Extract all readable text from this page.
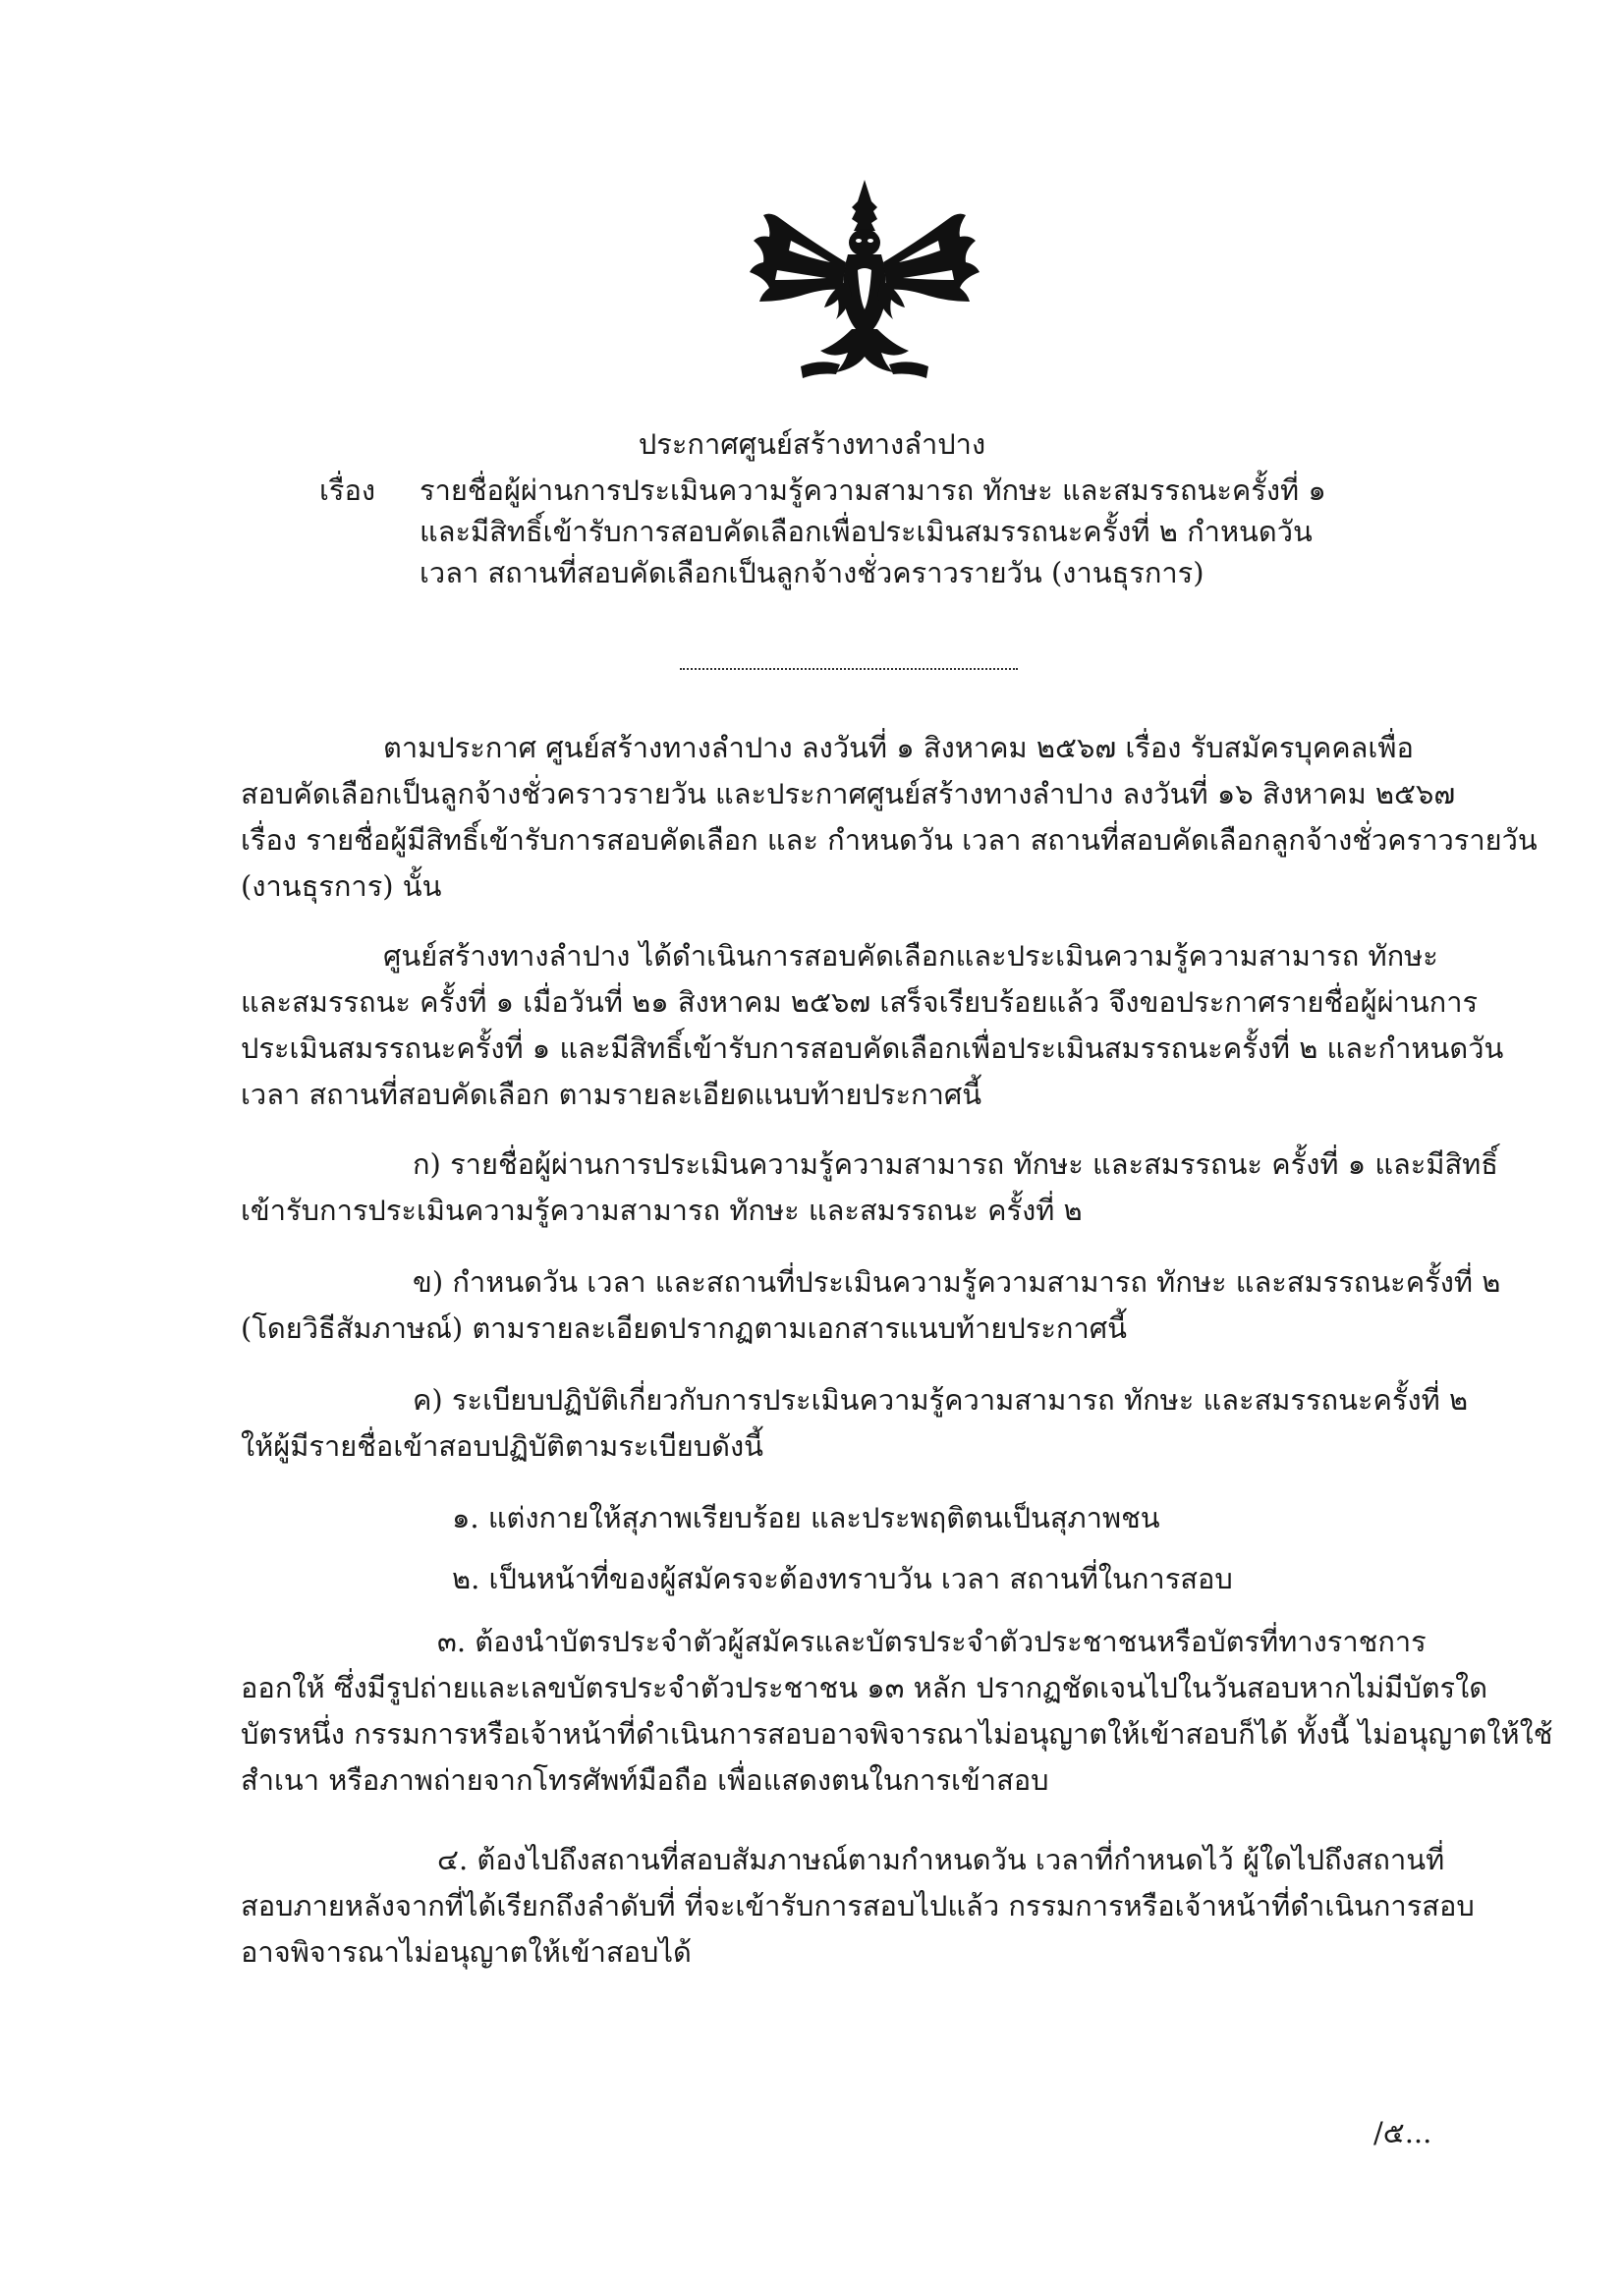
ประกาศศูนย์สร้างทางลำปาง
เรื่อง รายชื่อผู้ผ่านการประเมินความรู้ความสามารถ ทักษะ และสมรรถนะครั้งที่ ๑
และมีสิทธิ์เข้ารับการสอบคัดเลือกเพื่อประเมินสมรรถนะครั้งที่ ๒ กำหนดวัน
เวลา สถานที่สอบคัดเลือกเป็นลูกจ้างชั่วคราวรายวัน (งานธุรการ)
ตามประกาศ ศูนย์สร้างทางลำปาง ลงวันที่ ๑ สิงหาคม ๒๕๖๗ เรื่อง รับสมัครบุคคลเพื่อ
สอบคัดเลือกเป็นลูกจ้างชั่วคราวรายวัน และประกาศศูนย์สร้างทางลำปาง ลงวันที่ ๑๖ สิงหาคม ๒๕๖๗
เรื่อง รายชื่อผู้มีสิทธิ์เข้ารับการสอบคัดเลือก และ กำหนดวัน เวลา สถานที่สอบคัดเลือกลูกจ้างชั่วคราวรายวัน
(งานธุรการ) นั้น
ศูนย์สร้างทางลำปาง ได้ดำเนินการสอบคัดเลือกและประเมินความรู้ความสามารถ ทักษะ
และสมรรถนะ ครั้งที่ ๑ เมื่อวันที่ ๒๑ สิงหาคม ๒๕๖๗ เสร็จเรียบร้อยแล้ว จึงขอประกาศรายชื่อผู้ผ่านการ
ประเมินสมรรถนะครั้งที่ ๑ และมีสิทธิ์เข้ารับการสอบคัดเลือกเพื่อประเมินสมรรถนะครั้งที่ ๒ และกำหนดวัน
เวลา สถานที่สอบคัดเลือก ตามรายละเอียดแนบท้ายประกาศนี้
ก) รายชื่อผู้ผ่านการประเมินความรู้ความสามารถ ทักษะ และสมรรถนะ ครั้งที่ ๑ และมีสิทธิ์
เข้ารับการประเมินความรู้ความสามารถ ทักษะ และสมรรถนะ ครั้งที่ ๒
ข) กำหนดวัน เวลา และสถานที่ประเมินความรู้ความสามารถ ทักษะ และสมรรถนะครั้งที่ ๒
(โดยวิธีสัมภาษณ์) ตามรายละเอียดปรากฏตามเอกสารแนบท้ายประกาศนี้
ค) ระเบียบปฏิบัติเกี่ยวกับการประเมินความรู้ความสามารถ ทักษะ และสมรรถนะครั้งที่ ๒
ให้ผู้มีรายชื่อเข้าสอบปฏิบัติตามระเบียบดังนี้
๑. แต่งกายให้สุภาพเรียบร้อย และประพฤติตนเป็นสุภาพชน
๒. เป็นหน้าที่ของผู้สมัครจะต้องทราบวัน เวลา สถานที่ในการสอบ
๓. ต้องนำบัตรประจำตัวผู้สมัครและบัตรประจำตัวประชาชนหรือบัตรที่ทางราชการ
ออกให้ ซึ่งมีรูปถ่ายและเลขบัตรประจำตัวประชาชน ๑๓ หลัก ปรากฏชัดเจนไปในวันสอบหากไม่มีบัตรใด
บัตรหนึ่ง กรรมการหรือเจ้าหน้าที่ดำเนินการสอบอาจพิจารณาไม่อนุญาตให้เข้าสอบก็ได้ ทั้งนี้ ไม่อนุญาตให้ใช้
สำเนา หรือภาพถ่ายจากโทรศัพท์มือถือ เพื่อแสดงตนในการเข้าสอบ
๔. ต้องไปถึงสถานที่สอบสัมภาษณ์ตามกำหนดวัน เวลาที่กำหนดไว้ ผู้ใดไปถึงสถานที่
สอบภายหลังจากที่ได้เรียกถึงลำดับที่ ที่จะเข้ารับการสอบไปแล้ว กรรมการหรือเจ้าหน้าที่ดำเนินการสอบ
อาจพิจารณาไม่อนุญาตให้เข้าสอบได้
/๕...
